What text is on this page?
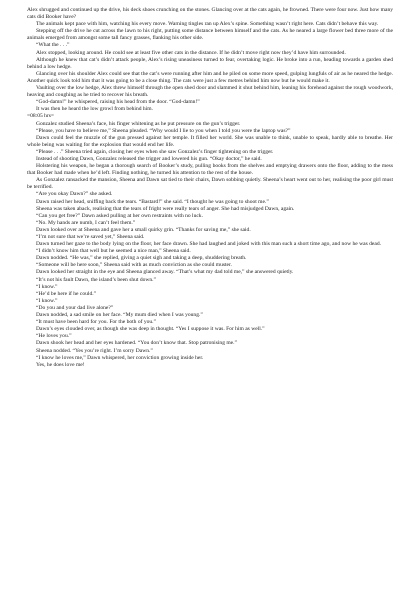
Alex shrugged and continued up the drive, his deck shoes crunching on the stones. Glancing over at the cats again, he frowned. There were four now. Just how many cats did Booker have?

The animals kept pace with him, watching his every move. Warning tingles ran up Alex’s spine. Something wasn’t right here. Cats didn’t behave this way.

Stepping off the drive he cut across the lawn to his right, putting some distance between himself and the cats. As he neared a large flower bed three more of the animals emerged from amongst some tall fancy grasses, flanking his other side.

“What the . . .”

Alex stopped, looking around. He could see at least five other cats in the distance. If he didn’t move right now they’d have him surrounded.

Although he knew that cat’s didn’t attack people, Alex’s rising uneasiness turned to fear, overtaking logic. He broke into a run, heading towards a garden shed behind a low hedge.

Glancing over his shoulder Alex could see that the cat’s were running after him and he piled on some more speed, gulping lungfuls of air as he neared the hedge. Another quick look told him that it was going to be a close thing. The cats were just a few metres behind him now but he would make it.

Vaulting over the low hedge, Alex threw himself through the open shed door and slammed it shut behind him, leaning his forehead against the rough woodwork, heaving and coughing as he tried to recover his breath.

“God-damn!” he whispered, raising his head from the door. “God-damn!”

It was then he heard the low growl from behind him.

=08:05 hrs=

Gonzalez studied Sheena’s face, his finger whitening as he put pressure on the gun’s trigger.

“Please, you have to believe me,” Sheena pleaded. “Why would I lie to you when I told you were the laptop was?”

Dawn could feel the muzzle of the gun pressed against her temple. It filled her world. She was unable to think, unable to speak, hardly able to breathe. Her whole being was waiting for the explosion that would end her life.

“Please . . .” Sheena tried again, closing her eyes when she saw Gonzalez’s finger tightening on the trigger.

Instead of shooting Dawn, Gonzalez released the trigger and lowered his gun. “Okay doctor,” he said.

Holstering his weapon, he began a thorough search of Booker’s study, pulling books from the shelves and emptying drawers onto the floor, adding to the mess that Booker had made when he’d left. Finding nothing, he turned his attention to the rest of the house.

As Gonzalez ransacked the mansion, Sheena and Dawn sat tied to their chairs, Dawn sobbing quietly. Sheena’s heart went out to her, realising the poor girl must be terrified.

“Are you okay Dawn?” she asked.

Dawn raised her head, sniffing back the tears. “Bastard!” she said. “I thought he was going to shoot me.”

Sheena was taken aback, realising that the tears of fright were really tears of anger. She had misjudged Dawn, again.

“Can you get free?” Dawn asked pulling at her own restraints with no luck.

“No. My hands are numb, I can’t feel them.”

Dawn looked over at Sheena and gave her a small quirky grin. “Thanks for saving me,” she said.

“I’m not sure that we’re saved yet,” Sheena said.

Dawn turned her gaze to the body lying on the floor, her face drawn. She had laughed and joked with this man such a short time ago, and now he was dead.

“I didn’t know him that well but he seemed a nice man,” Sheena said.

Dawn nodded. “He was,” she replied, giving a quiet sigh and taking a deep, shuddering breath.

“Someone will be here soon,” Sheena said with as much conviction as she could muster.

Dawn looked her straight in the eye and Sheena glanced away. “That’s what my dad told me,” she answered quietly.

“It’s not his fault Dawn, the island’s been shut down.”

“I know.”

“He’d be here if he could.”

“I know.”

“Do you and your dad live alone?”

Dawn nodded, a sad smile on her face. “My mum died when I was young.”

“It must have been hard for you. For the both of you.”

Dawn’s eyes clouded over, as though she was deep in thought. “Yes I suppose it was. For him as well.”

“He loves you.”

Dawn shook her head and her eyes hardened. “You don’t know that. Stop patronising me.”

Sheena nodded. “Yes you’re right. I’m sorry Dawn.”

“I know he loves me,” Dawn whispered, her conviction growing inside her.

Yes, he does love me!
